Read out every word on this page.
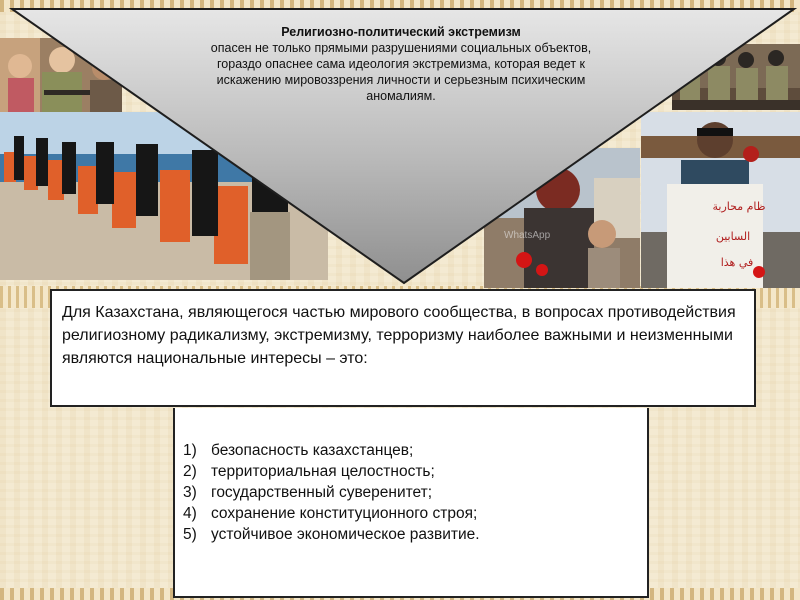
WhatsApp
ظام محاربة
السابين
في هذا
Религиозно-политический экстремизм
опасен не только прямыми разрушениями социальных объектов, гораздо опаснее сама идеология экстремизма, которая ведет к искажению мировоззрения личности и серьезным психическим аномалиям.
Для Казахстана, являющегося частью мирового сообщества, в вопросах противодействия религиозному радикализму, экстремизму, терроризму наиболее важными и неизменными являются национальные интересы – это:
1) безопасность казахстанцев;
2) территориальная целостность;
3) государственный суверенитет;
4) сохранение конституционного строя;
5) устойчивое экономическое развитие.
